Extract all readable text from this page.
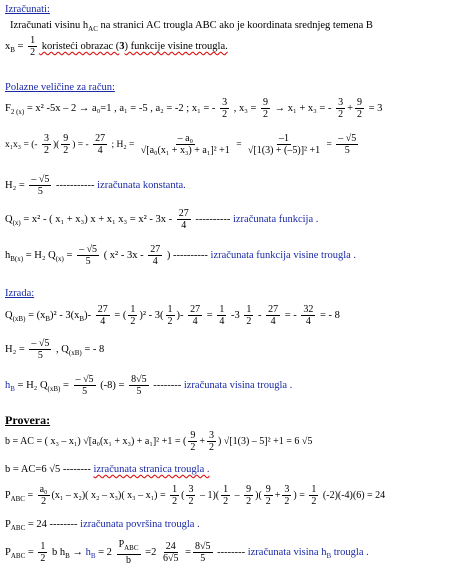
Izračunati:
Izračunati visinu $h_{AC}$ na stranici AC trougla ABC ako je koordinata srednjeg temena B
$x_B = \frac{1}{2}$ koristeći obrazac (3) funkcije visine trougla.
Polazne veličine za račun:
$F_{2 (x)} = x^2$ -5x – 2 → a₀=1 , a₁ = -5 , a₂ = -2 ; x₁ = - $\frac{3}{2}$ , $x_3 = \frac{9}{2} \to x_1 + x_3$ = - $\frac{3}{2} + \frac{9}{2} = 3$
x₁x₃ = (- $\frac{3}{2}$ )( $\frac{9}{2}$ ) = - $\frac{27}{4}$ ; $H_2 = \frac{\text{– a₀}}{\text{√[a₀(x₁ + x₃) + a₁]² +1}} = \frac{-1}{\text{√[1(3) + (–5)]² +1}} = \frac{- √5}{5}$
$H_2 = \frac{- √5}{5}$ ----------- izračunata konstanta.
$Q_{(x)} = x^2$ - ( x₁ + x₃) x + x₁ $x_3 = x^2 - 3x - \frac{27}{4}$ ---------- izračunata funkcija .
$h_{B(x)} = H_2$ $Q_{(x)} = \frac{- √5}{5}$ ( $x^2 - 3x - \frac{27}{4}$ ) ---------- izračunata funkcija visine trougla .
Izrada:
$Q_{(xB)} = (x_B)^2 - 3(x_B)- \frac{27}{4}$ = ( $\frac{1}{2} )^2 - 3( \frac{1}{2}$ )- $\frac{27}{4} = \frac{1}{4} -3 \frac{1}{2} - \frac{27}{4}$ = - $\frac{32}{4}$ = - 8
$H_2 = \frac{- √5}{5}$ , $Q_{(xB)}$ = - 8
$h_B = H_2$ $Q_{(xB)} = \frac{- √5}{5} (-8) = \frac{8√5}{5}$ -------- izračunata visina trougla .
Provera:
b = AC = ( x₃ – x₁) √[a₀(x₁ + x₃) + a₁]² +1 = ( $\frac{9}{2} + \frac{3}{2}$ ) √[1(3) – 5]² +1 = 6 √5
b = AC=6 √5 -------- izračunata stranica trougla .
$P_{ABC} = \frac{\text{a₀}}{2} (x_1 - x_2)$( x₂ – x₃)( $x_3 - x_1) = \frac{1}{2}$ ( $\frac{3}{2} - 1)( \frac{1}{2} - \frac{9}{2}$ )( $\frac{9}{2} + \frac{3}{2}$ ) = $\frac{1}{2} (-2)(-4)(6) = 24$
$P_{ABC} = 24$ -------- izračunata površina trougla .
$P_{ABC} = \frac{1}{2}$ b $h_B \to h_B = 2 \frac{P_{ABC}}{b} =2 \frac{24}{6√5} = \frac{8√5}{5}$ -------- izračunata visina $h_B$ trougla .
